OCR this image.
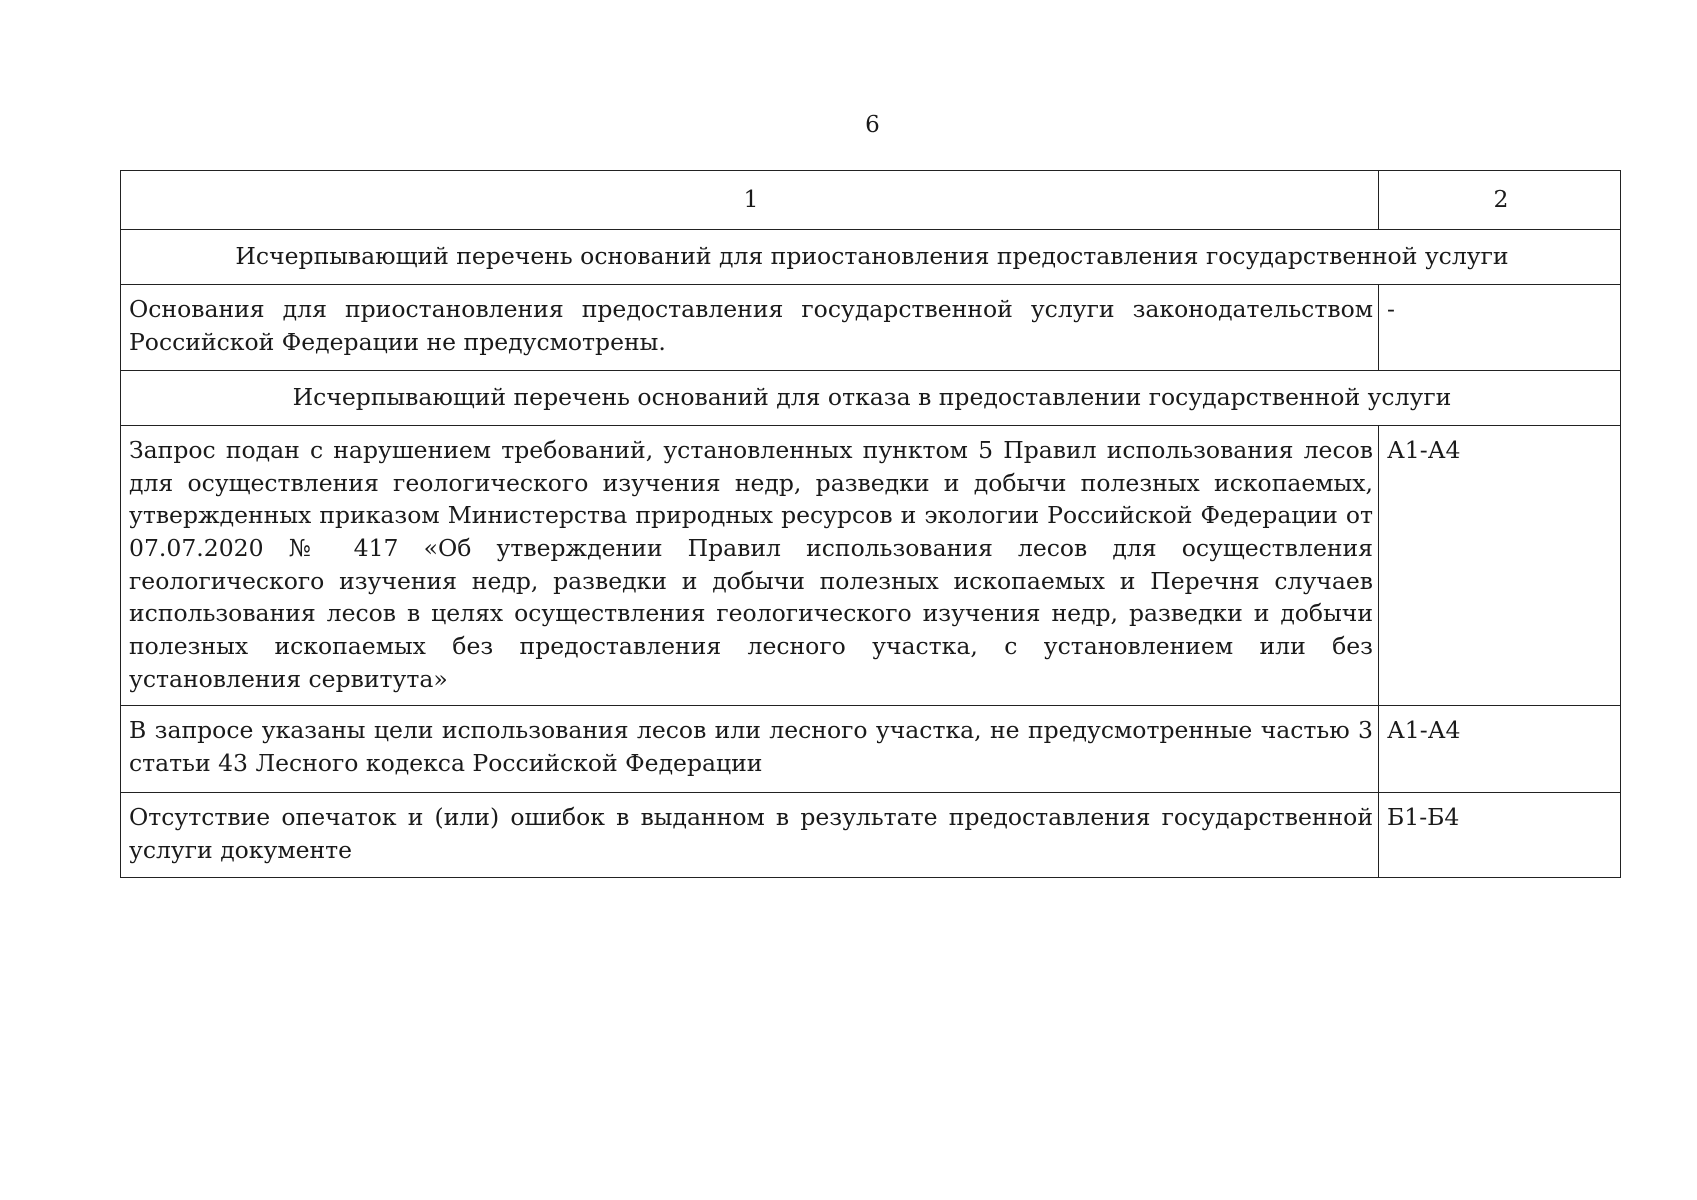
6
1	2
Исчерпывающий перечень оснований для приостановления предоставления государственной услуги	
Основания для приостановления предоставления государственной услуги законодательством Российской Федерации не предусмотрены.	-
Исчерпывающий перечень оснований для отказа в предоставлении государственной услуги	
Запрос подан с нарушением требований, установленных пунктом 5 Правил использования лесов для осуществления геологического изучения недр, разведки и добычи полезных ископаемых, утвержденных приказом Министерства природных ресурсов и экологии Российской Федерации от 07.07.2020 № 417 «Об утверждении Правил использования лесов для осуществления геологического изучения недр, разведки и добычи полезных ископаемых и Перечня случаев использования лесов в целях осуществления геологического изучения недр, разведки и добычи полезных ископаемых без предоставления лесного участка, с установлением или без установления сервитута»	А1-А4
В запросе указаны цели использования лесов или лесного участка, не предусмотренные частью 3 статьи 43 Лесного кодекса Российской Федерации	А1-А4
Отсутствие опечаток и (или) ошибок в выданном в результате предоставления государственной услуги документе	Б1-Б4
